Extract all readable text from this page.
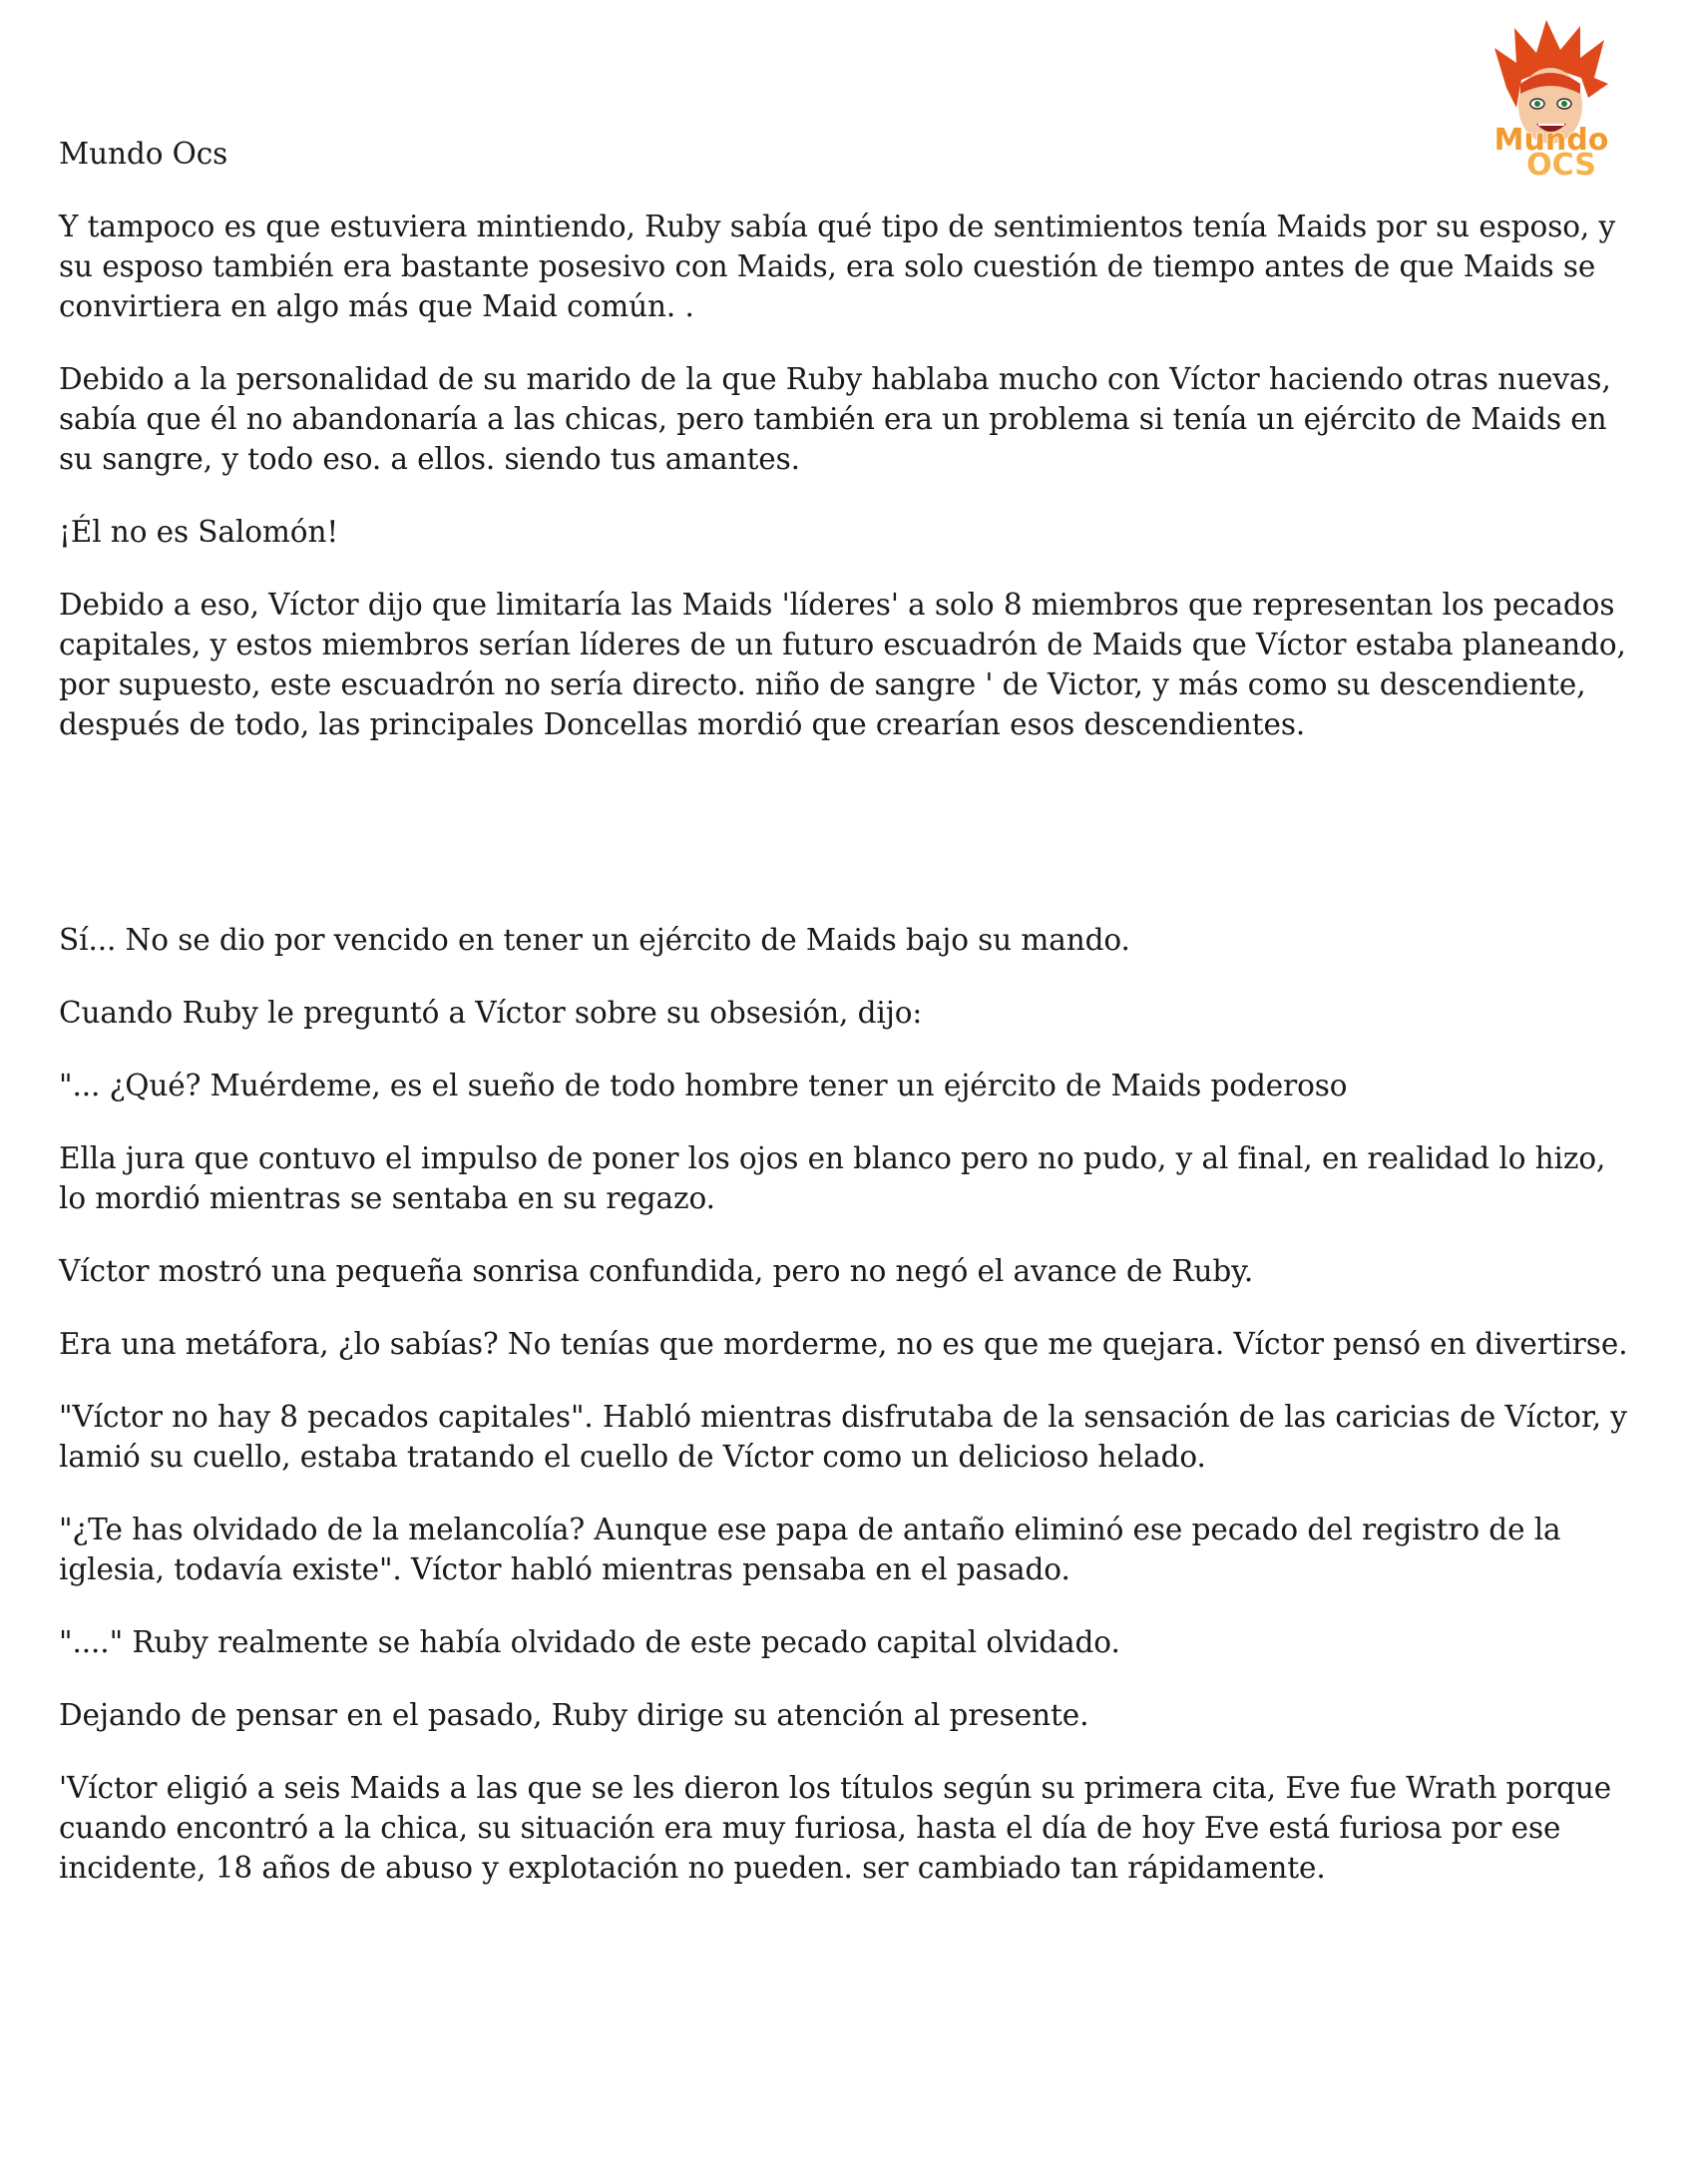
Mundo
OCS

Mundo Ocs

Y tampoco es que estuviera mintiendo, Ruby sabía qué tipo de sentimientos tenía Maids por su esposo, y su esposo también era bastante posesivo con Maids, era solo cuestión de tiempo antes de que Maids se convirtiera en algo más que Maid común. .

Debido a la personalidad de su marido de la que Ruby hablaba mucho con Víctor haciendo otras nuevas, sabía que él no abandonaría a las chicas, pero también era un problema si tenía un ejército de Maids en su sangre, y todo eso. a ellos. siendo tus amantes.

¡Él no es Salomón!

Debido a eso, Víctor dijo que limitaría las Maids 'líderes' a solo 8 miembros que representan los pecados capitales, y estos miembros serían líderes de un futuro escuadrón de Maids que Víctor estaba planeando, por supuesto, este escuadrón no sería directo. niño de sangre ' de Victor, y más como su descendiente, después de todo, las principales Doncellas mordió que crearían esos descendientes.

Sí... No se dio por vencido en tener un ejército de Maids bajo su mando.

Cuando Ruby le preguntó a Víctor sobre su obsesión, dijo:

"... ¿Qué? Muérdeme, es el sueño de todo hombre tener un ejército de Maids poderoso

Ella jura que contuvo el impulso de poner los ojos en blanco pero no pudo, y al final, en realidad lo hizo, lo mordió mientras se sentaba en su regazo.

Víctor mostró una pequeña sonrisa confundida, pero no negó el avance de Ruby.

Era una metáfora, ¿lo sabías? No tenías que morderme, no es que me quejara. Víctor pensó en divertirse.

"Víctor no hay 8 pecados capitales". Habló mientras disfrutaba de la sensación de las caricias de Víctor, y lamió su cuello, estaba tratando el cuello de Víctor como un delicioso helado.

"¿Te has olvidado de la melancolía? Aunque ese papa de antaño eliminó ese pecado del registro de la iglesia, todavía existe". Víctor habló mientras pensaba en el pasado.

"...." Ruby realmente se había olvidado de este pecado capital olvidado.

Dejando de pensar en el pasado, Ruby dirige su atención al presente.

'Víctor eligió a seis Maids a las que se les dieron los títulos según su primera cita, Eve fue Wrath porque cuando encontró a la chica, su situación era muy furiosa, hasta el día de hoy Eve está furiosa por ese incidente, 18 años de abuso y explotación no pueden. ser cambiado tan rápidamente.
